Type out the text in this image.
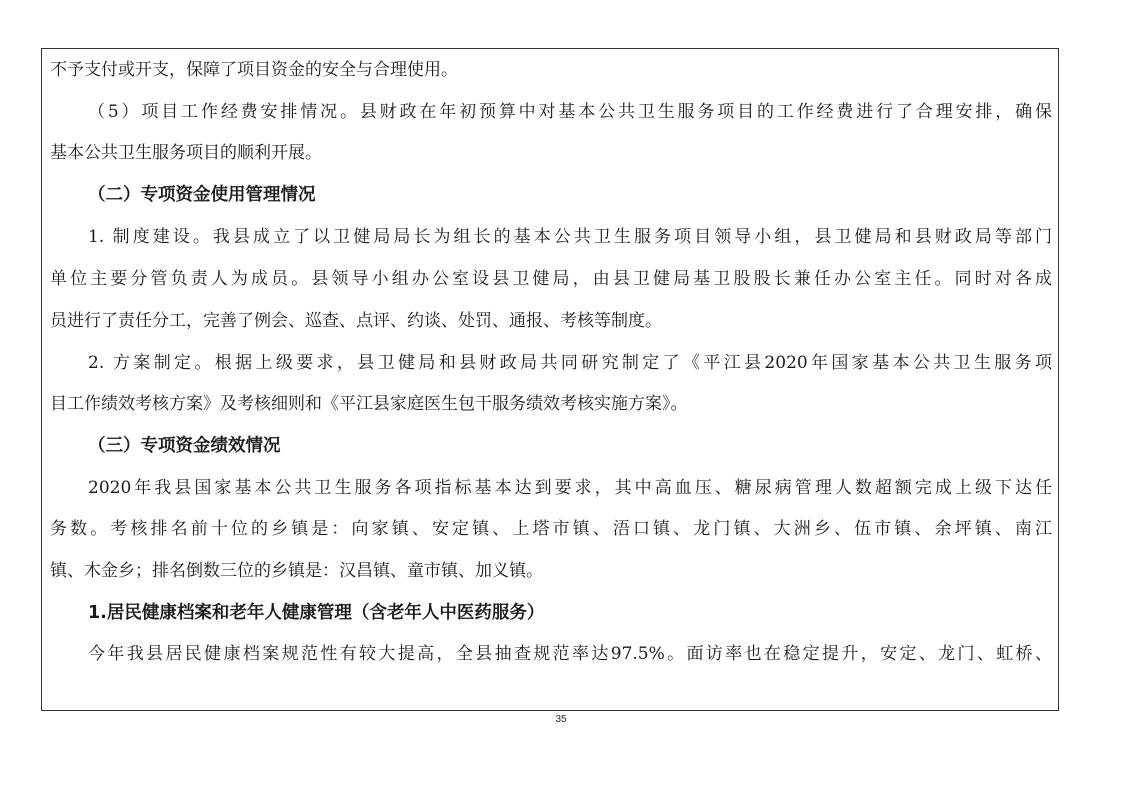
不予支付或开支，保障了项目资金的安全与合理使用。
（5）项目工作经费安排情况。县财政在年初预算中对基本公共卫生服务项目的工作经费进行了合理安排，确保
基本公共卫生服务项目的顺利开展。
（二）专项资金使用管理情况
1. 制度建设。我县成立了以卫健局局长为组长的基本公共卫生服务项目领导小组，县卫健局和县财政局等部门
单位主要分管负责人为成员。县领导小组办公室设县卫健局，由县卫健局基卫股股长兼任办公室主任。同时对各成
员进行了责任分工，完善了例会、巡查、点评、约谈、处罚、通报、考核等制度。
2. 方案制定。根据上级要求，县卫健局和县财政局共同研究制定了《平江县2020年国家基本公共卫生服务项
目工作绩效考核方案》及考核细则和《平江县家庭医生包干服务绩效考核实施方案》。
（三）专项资金绩效情况
2020年我县国家基本公共卫生服务各项指标基本达到要求，其中高血压、糖尿病管理人数超额完成上级下达任
务数。考核排名前十位的乡镇是：向家镇、安定镇、上塔市镇、浯口镇、龙门镇、大洲乡、伍市镇、余坪镇、南江
镇、木金乡；排名倒数三位的乡镇是：汉昌镇、童市镇、加义镇。
1.居民健康档案和老年人健康管理（含老年人中医药服务）
今年我县居民健康档案规范性有较大提高，全县抽查规范率达97.5%。面访率也在稳定提升，安定、龙门、虹桥、
35
